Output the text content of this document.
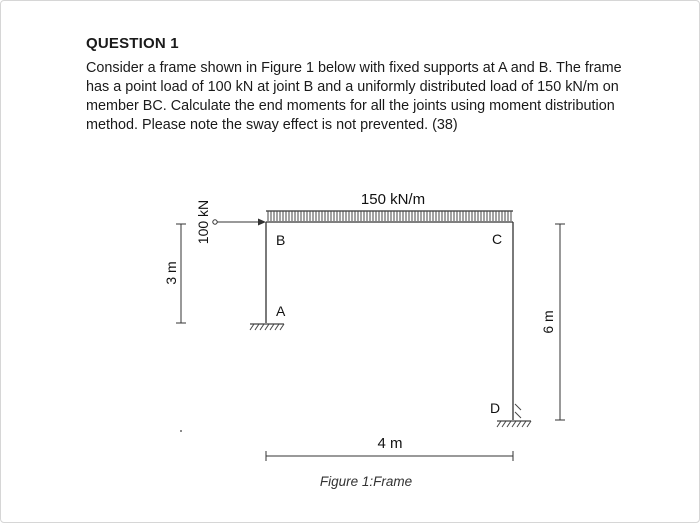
QUESTION 1
Consider a frame shown in Figure 1 below with fixed supports at A and B. The frame has a point load of 100 kN at joint B and a uniformly distributed load of 150 kN/m on member BC. Calculate the end moments for all the joints using moment distribution method. Please note the sway effect is not prevented. (38)
100 kN	B	C
A
D
150 kN/m
3 m
6 m
4 m
Figure 1:Frame
